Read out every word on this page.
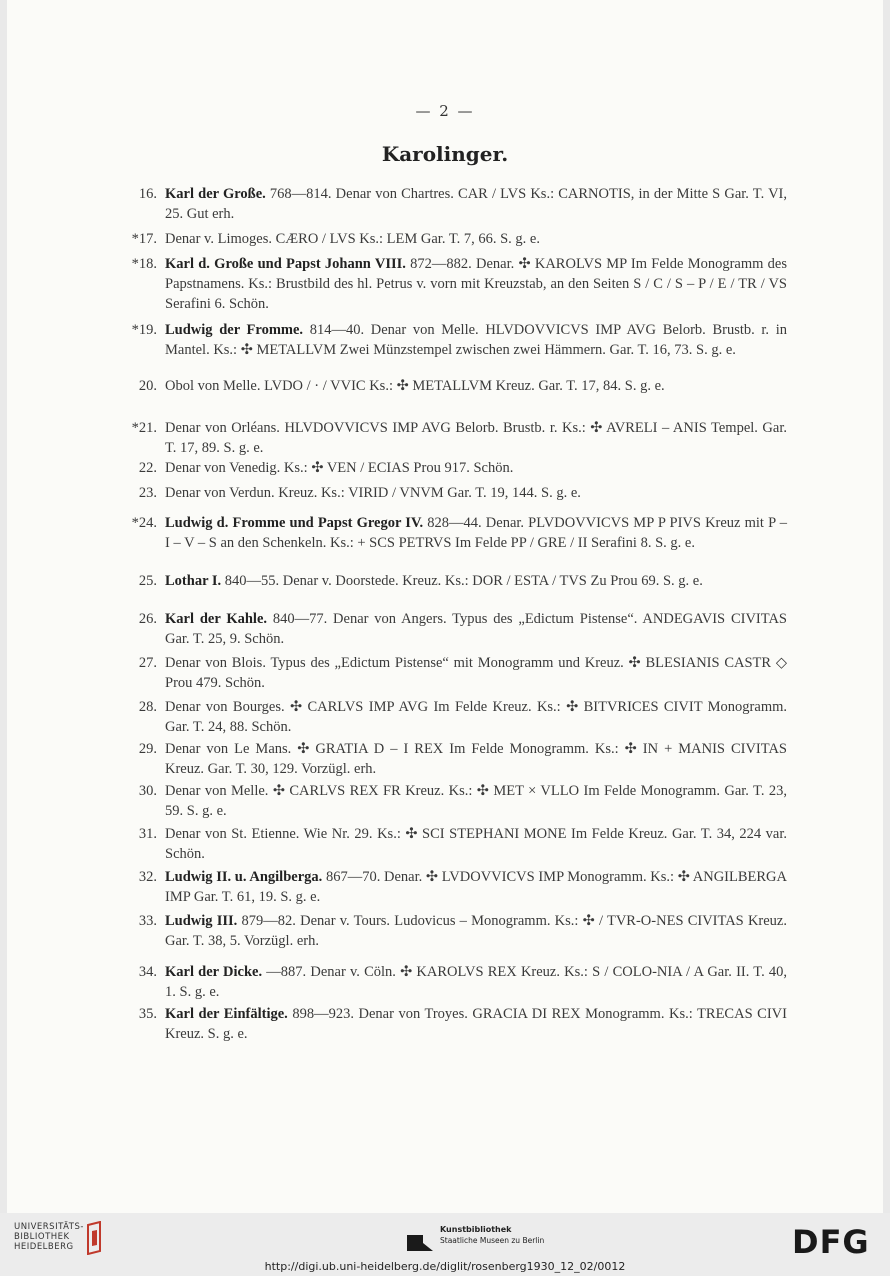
— 2 —
Karolinger.
16. Karl der Große. 768—814. Denar von Chartres. CAR / LVS Ks.: CARNOTIS, in der Mitte S Gar. T. VI, 25. Gut erh.
*17. Denar v. Limoges. CÆRO / LVS Ks.: LEM Gar. T. 7, 66. S. g. e.
*18. Karl d. Große und Papst Johann VIII. 872—882. Denar. ✣ KAROLVS MP Im Felde Monogramm des Papstnamens. Ks.: Brustbild des hl. Petrus v. vorn mit Kreuzstab, an den Seiten S / C / S – P / E / TR / VS Serafini 6. Schön.
*19. Ludwig der Fromme. 814—40. Denar von Melle. HLVDOVVICVS IMP AVG Belorb. Brustb. r. in Mantel. Ks.: ✣ METALLVM Zwei Münzstempel zwischen zwei Hämmern. Gar. T. 16, 73. S. g. e.
20. Obol von Melle. LVDO / · / VVIC Ks.: ✣ METALLVM Kreuz. Gar. T. 17, 84. S. g. e.
*21. Denar von Orléans. HLVDOVVICVS IMP AVG Belorb. Brustb. r. Ks.: ✣ AVRELI – ANIS Tempel. Gar. T. 17, 89. S. g. e.
22. Denar von Venedig. Ks.: ✣ VEN / ECIAS Prou 917. Schön.
23. Denar von Verdun. Kreuz. Ks.: VIRID / VNVM Gar. T. 19, 144. S. g. e.
*24. Ludwig d. Fromme und Papst Gregor IV. 828—44. Denar. PLVDOVVICVS MP P PIVS Kreuz mit P – I – V – S an den Schenkeln. Ks.: + SCS PETRVS Im Felde PP / GRE / II Serafini 8. S. g. e.
25. Lothar I. 840—55. Denar v. Doorstede. Kreuz. Ks.: DOR / ESTA / TVS Zu Prou 69. S. g. e.
26. Karl der Kahle. 840—77. Denar von Angers. Typus des „Edictum Pistense“. ANDEGAVIS CIVITAS Gar. T. 25, 9. Schön.
27. Denar von Blois. Typus des „Edictum Pistense“ mit Monogramm und Kreuz. ✣ BLESIANIS CASTR ◇ Prou 479. Schön.
28. Denar von Bourges. ✣ CARLVS IMP AVG Im Felde Kreuz. Ks.: ✣ BITVRICES CIVIT Monogramm. Gar. T. 24, 88. Schön.
29. Denar von Le Mans. ✣ GRATIA D – I REX Im Felde Monogramm. Ks.: ✣ IN + MANIS CIVITAS Kreuz. Gar. T. 30, 129. Vorzügl. erh.
30. Denar von Melle. ✣ CARLVS REX FR Kreuz. Ks.: ✣ MET × VLLO Im Felde Monogramm. Gar. T. 23, 59. S. g. e.
31. Denar von St. Etienne. Wie Nr. 29. Ks.: ✣ SCI STEPHANI MONE Im Felde Kreuz. Gar. T. 34, 224 var. Schön.
32. Ludwig II. u. Angilberga. 867—70. Denar. ✣ LVDOVVICVS IMP Monogramm. Ks.: ✣ ANGILBERGA IMP Gar. T. 61, 19. S. g. e.
33. Ludwig III. 879—82. Denar v. Tours. Ludovicus – Monogramm. Ks.: ✣ / TVR-O-NES CIVITAS Kreuz. Gar. T. 38, 5. Vorzügl. erh.
34. Karl der Dicke. —887. Denar v. Cöln. ✣ KAROLVS REX Kreuz. Ks.: S / COLO-NIA / A Gar. II. T. 40, 1. S. g. e.
35. Karl der Einfältige. 898—923. Denar von Troyes. GRACIA DI REX Monogramm. Ks.: TRECAS CIVI Kreuz. S. g. e.
UNIVERSITÄTS-
BIBLIOTHEK
HEIDELBERG
Kunstbibliothek
Staatliche Museen zu Berlin	DFG
http://digi.ub.uni-heidelberg.de/diglit/rosenberg1930_12_02/0012
